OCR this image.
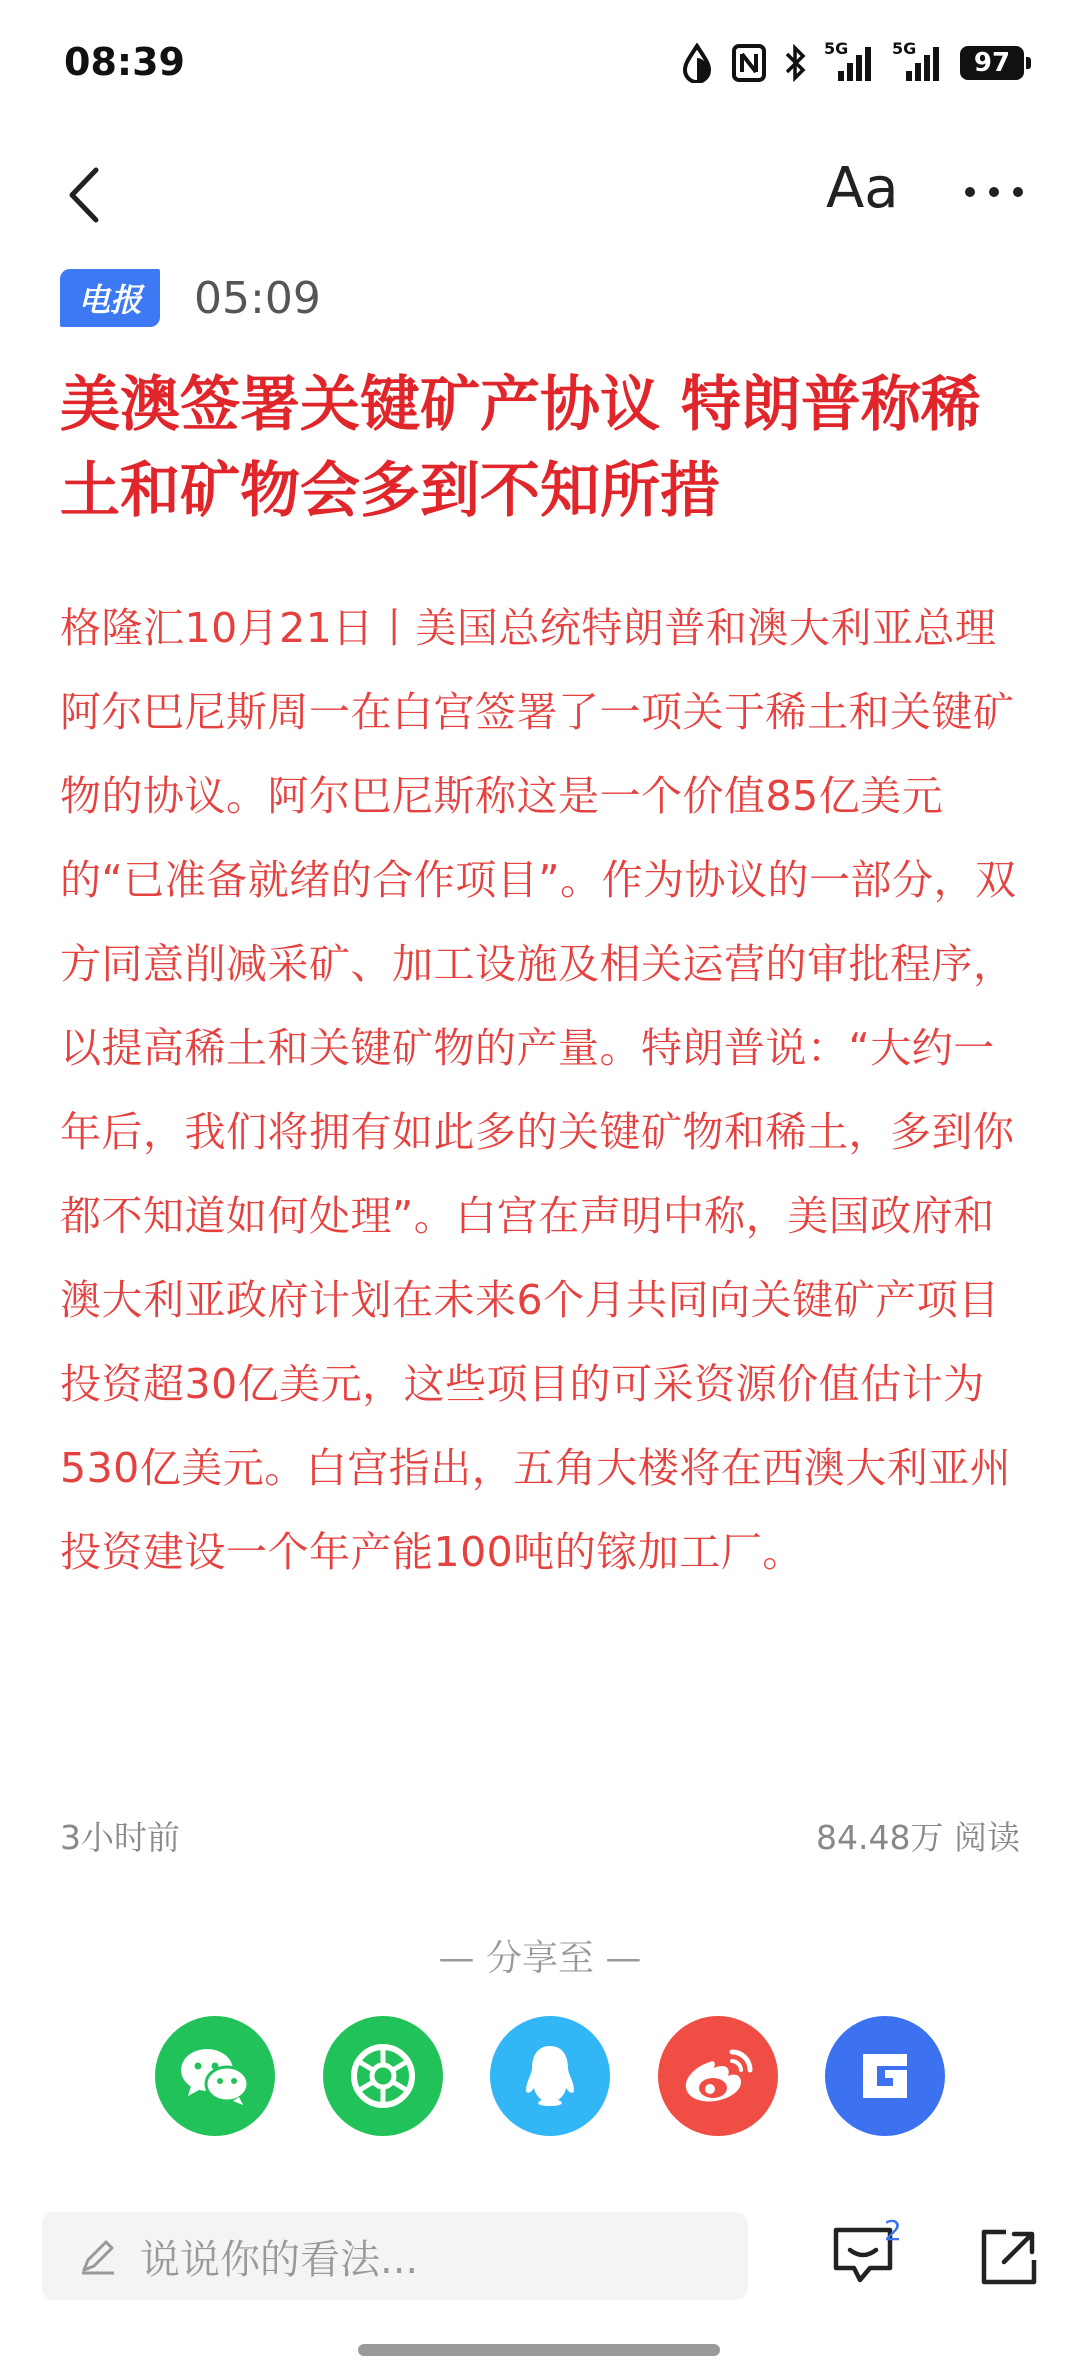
08:39	5G	5G	97
Aa
电报	05:09
美澳签署关键矿产协议 特朗普称稀土和矿物会多到不知所措

格隆汇10月21日丨美国总统特朗普和澳大利亚总理阿尔巴尼斯周一在白宫签署了一项关于稀土和关键矿物的协议。阿尔巴尼斯称这是一个价值85亿美元的“已准备就绪的合作项目”。作为协议的一部分，双方同意削减采矿、加工设施及相关运营的审批程序，以提高稀土和关键矿物的产量。特朗普说：“大约一年后，我们将拥有如此多的关键矿物和稀土，多到你都不知道如何处理”。白宫在声明中称，美国政府和澳大利亚政府计划在未来6个月共同向关键矿产项目投资超30亿美元，这些项目的可采资源价值估计为530亿美元。白宫指出，五角大楼将在西澳大利亚州投资建设一个年产能100吨的镓加工厂。

3小时前	84.48万 阅读
— 分享至 —
说说你的看法...
2
